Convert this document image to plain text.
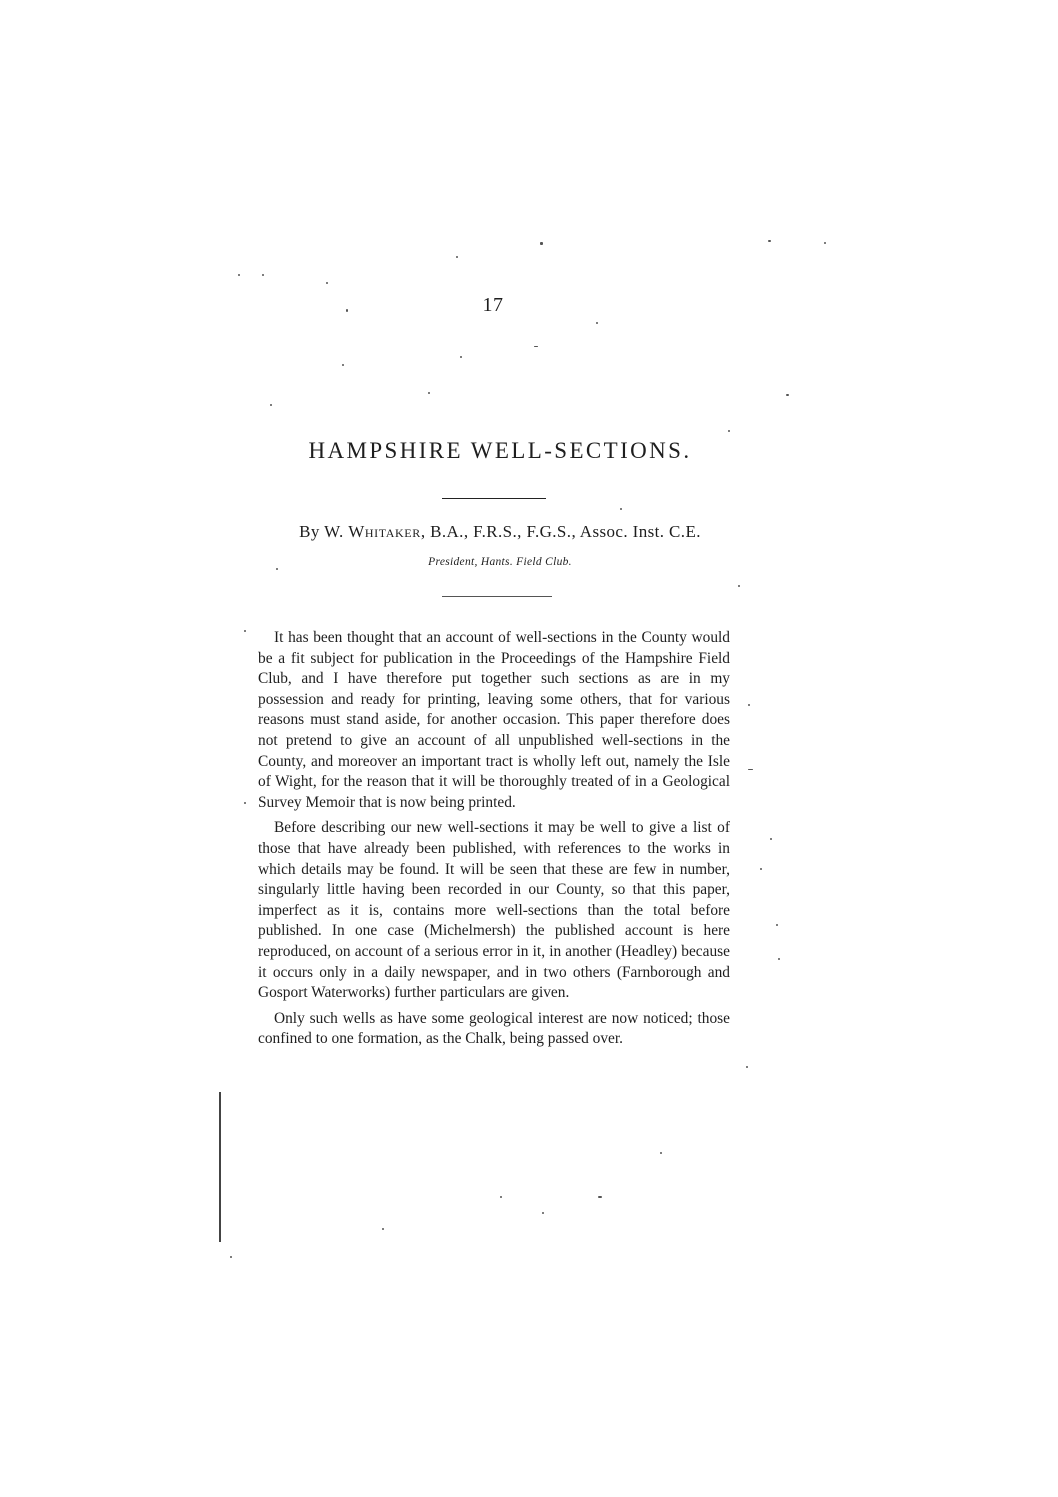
17
HAMPSHIRE WELL-SECTIONS.
By W. Whitaker, B.A., F.R.S., F.G.S., Assoc. Inst. C.E.
President, Hants. Field Club.

It has been thought that an account of well-sections in the County would be a fit subject for publication in the Proceedings of the Hampshire Field Club, and I have therefore put together such sections as are in my possession and ready for printing, leaving some others, that for various reasons must stand aside, for another occasion. This paper therefore does not pretend to give an account of all unpublished well-sections in the County, and moreover an important tract is wholly left out, namely the Isle of Wight, for the reason that it will be thoroughly treated of in a Geological Survey Memoir that is now being printed.

Before describing our new well-sections it may be well to give a list of those that have already been published, with references to the works in which details may be found. It will be seen that these are few in number, singularly little having been recorded in our County, so that this paper, imperfect as it is, contains more well-sections than the total before published. In one case (Michelmersh) the published account is here reproduced, on account of a serious error in it, in another (Headley) because it occurs only in a daily newspaper, and in two others (Farnborough and Gosport Waterworks) further particulars are given.

Only such wells as have some geological interest are now noticed; those confined to one formation, as the Chalk, being passed over.
